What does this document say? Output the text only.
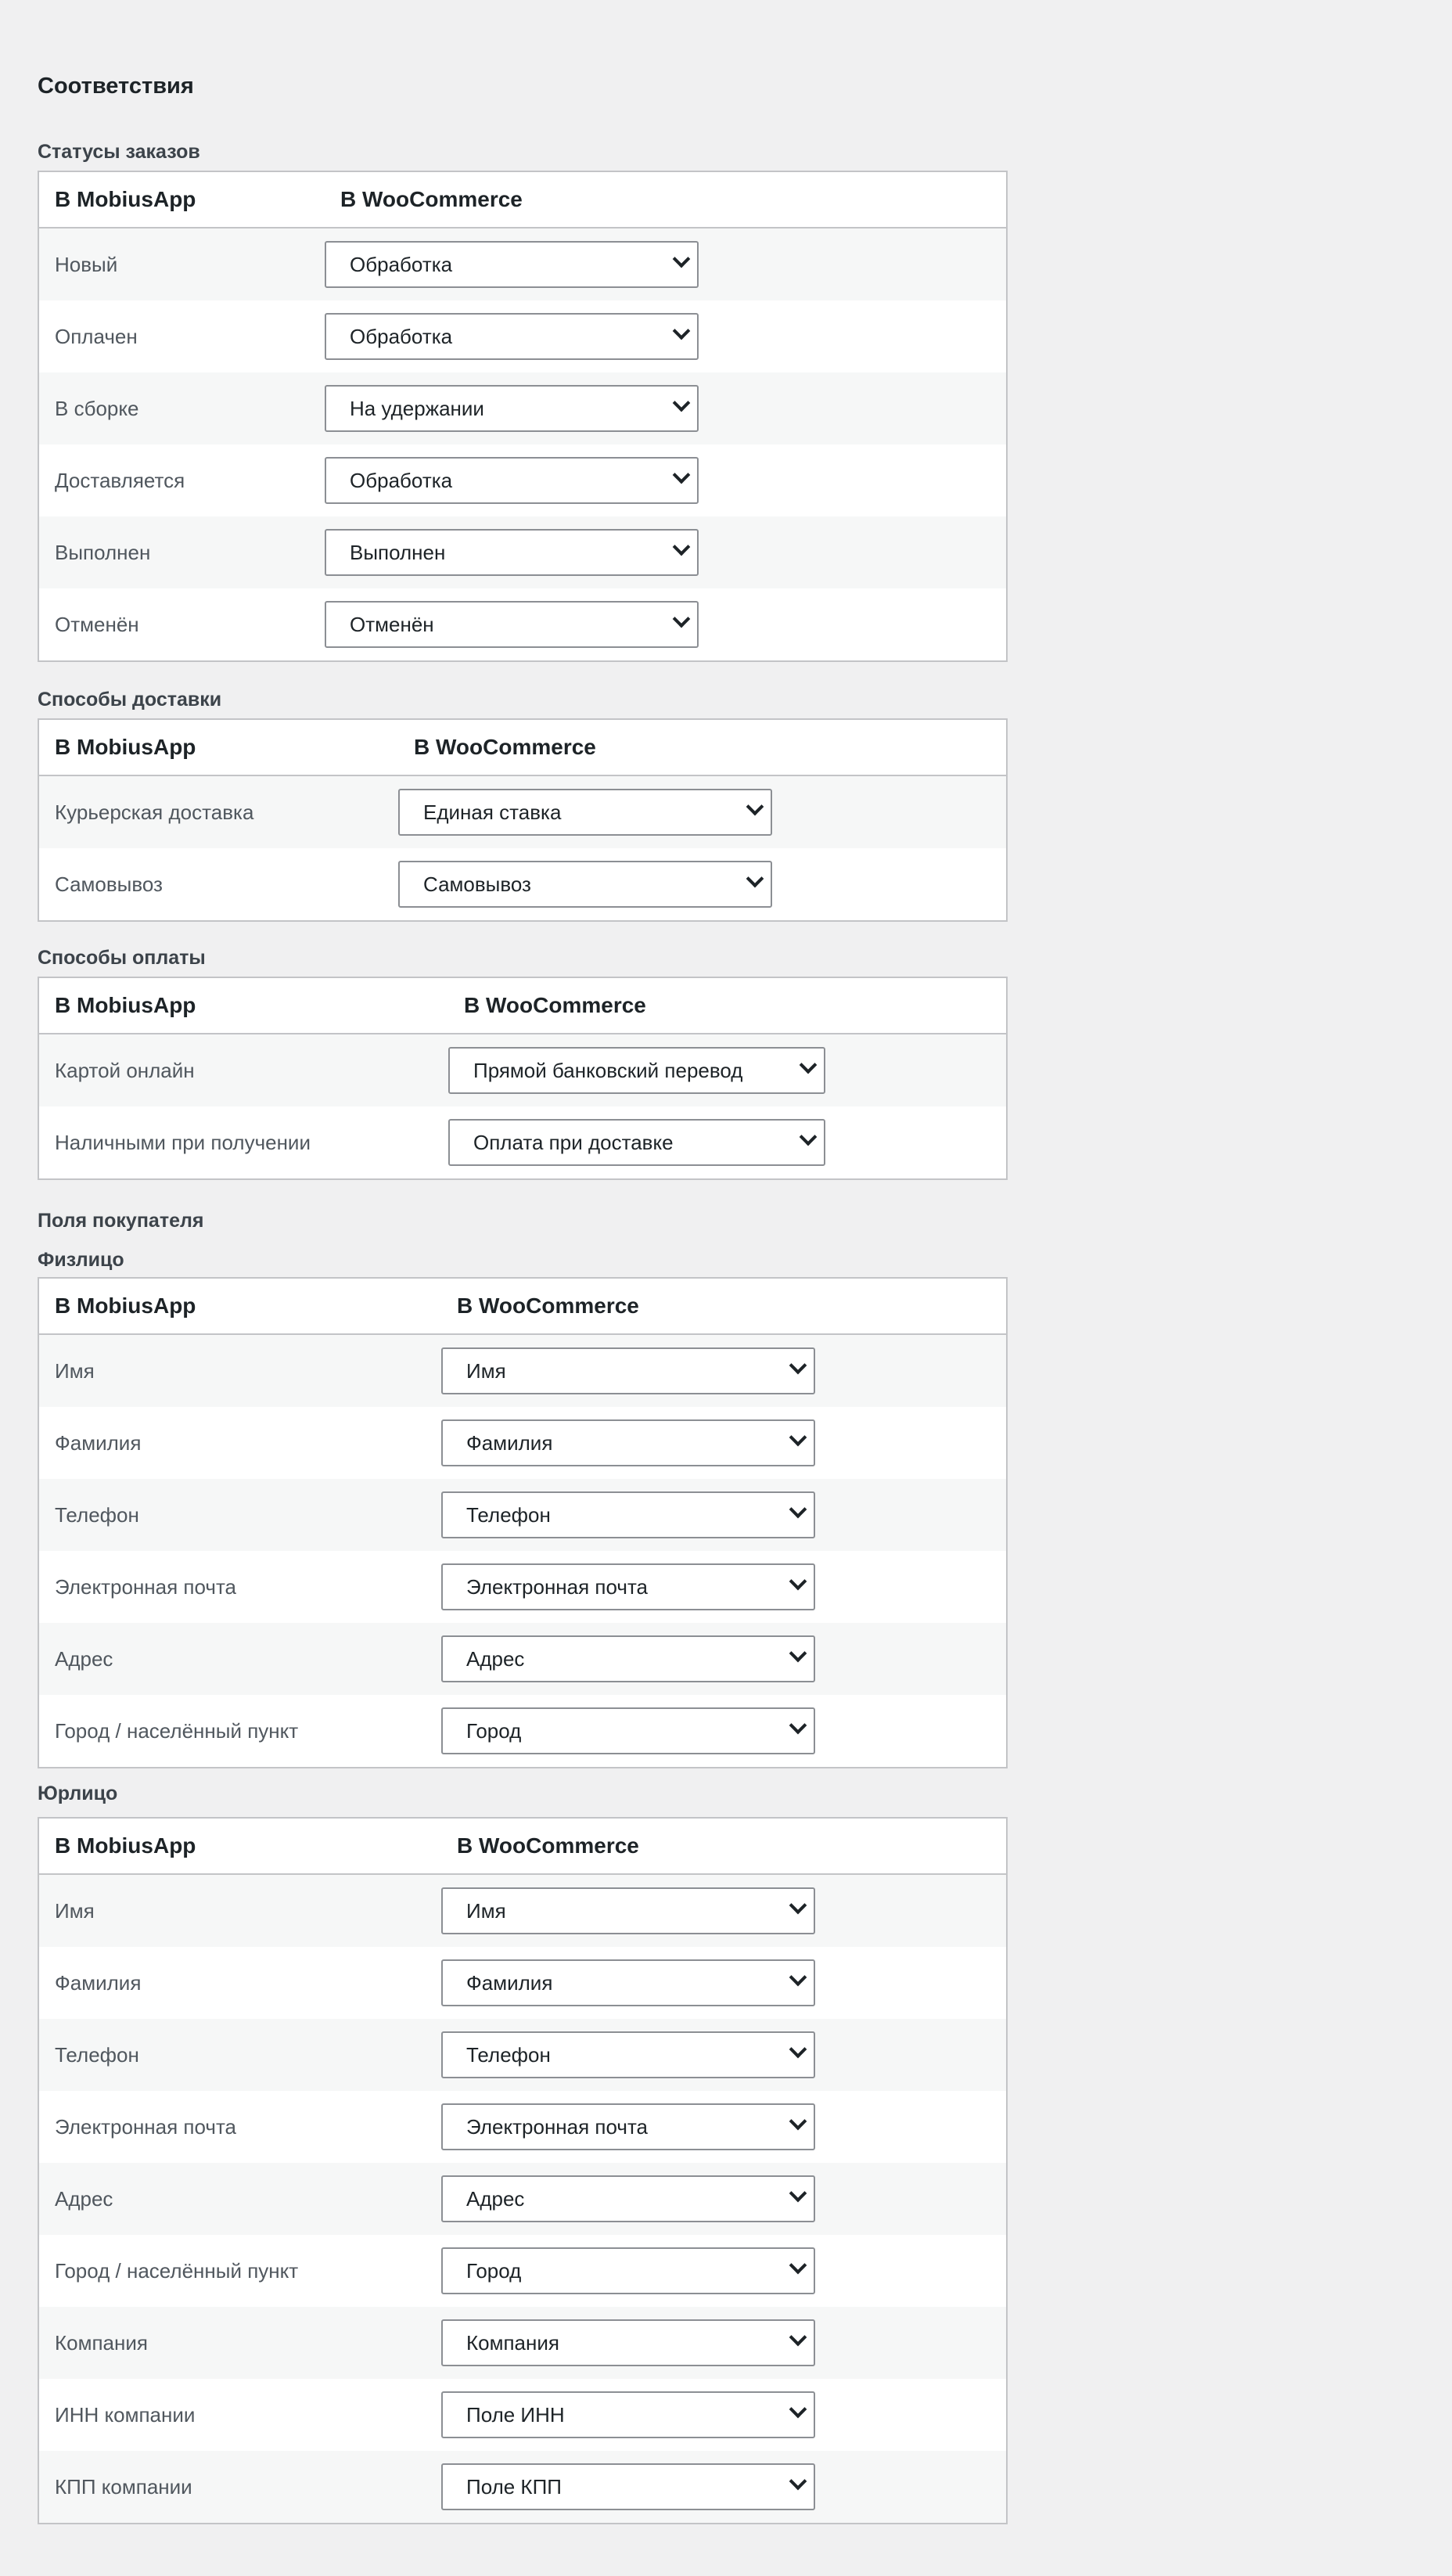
Соответствия
Статусы заказов
В MobiusApp	В WooCommerce
Новый	Обработка

Оплачен	Обработка

В сборке	На удержании

Доставляется	Обработка

Выполнен	Выполнен

Отменён	Отменён
Способы доставки
В MobiusApp	В WooCommerce
Курьерская доставка	Единая ставка

Самовывоз	Самовывоз
Способы оплаты
В MobiusApp	В WooCommerce
Картой онлайн	Прямой банковский перевод

Наличными при получении	Оплата при доставке
Поля покупателя
Физлицо
В MobiusApp	В WooCommerce
Имя	Имя

Фамилия	Фамилия

Телефон	Телефон

Электронная почта	Электронная почта

Адрес	Адрес

Город / населённый пункт	Город
Юрлицо
В MobiusApp	В WooCommerce
Имя	Имя

Фамилия	Фамилия

Телефон	Телефон

Электронная почта	Электронная почта

Адрес	Адрес

Город / населённый пункт	Город

Компания	Компания

ИНН компании	Поле ИНН

КПП компании	Поле КПП
